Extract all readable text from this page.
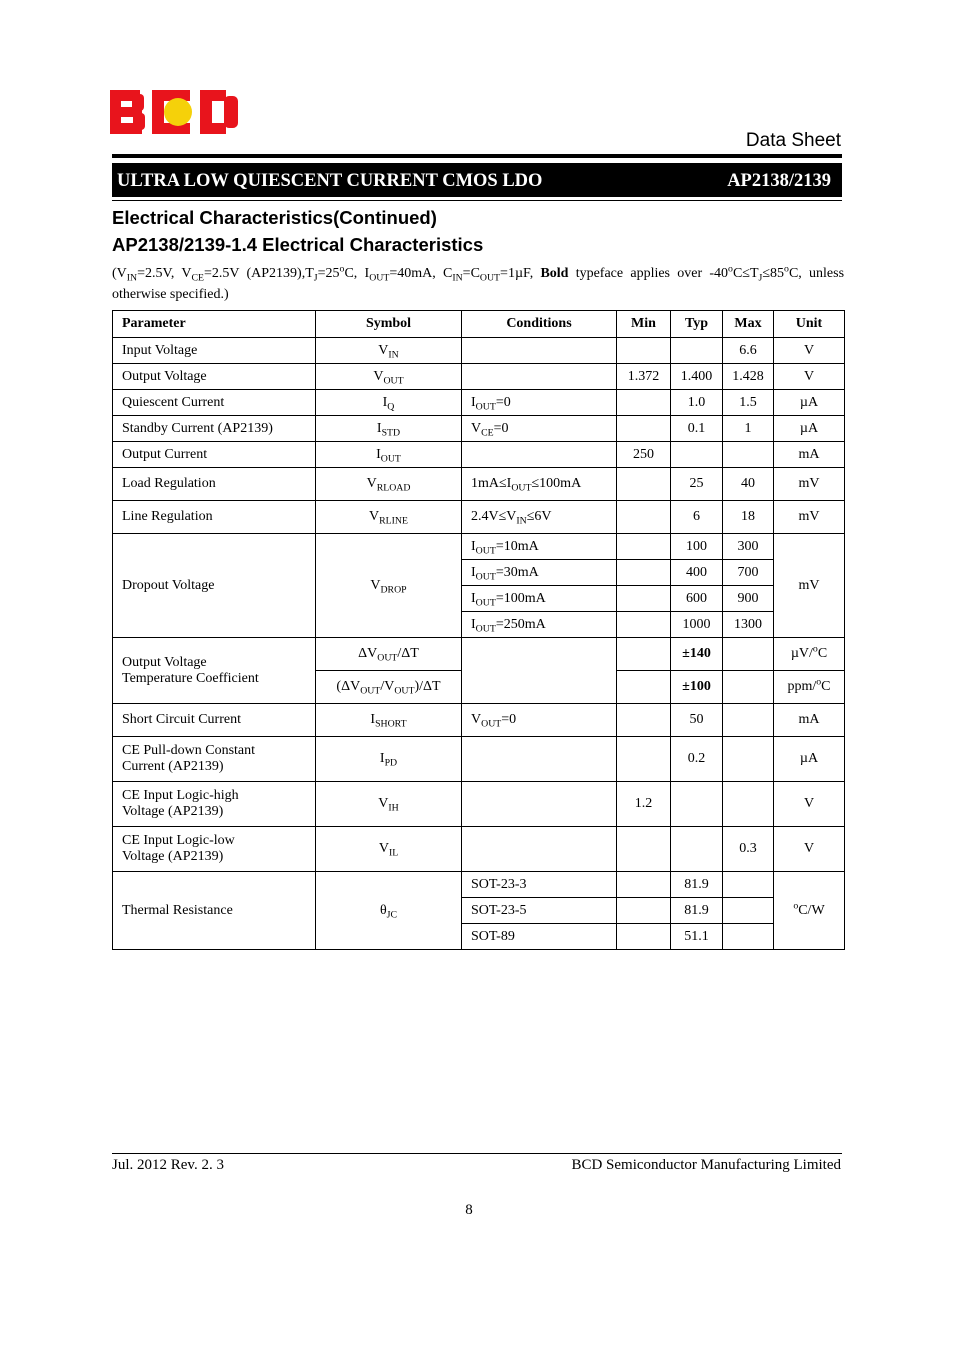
Data Sheet
ULTRA LOW QUIESCENT CURRENT CMOS LDO	AP2138/2139
Electrical Characteristics(Continued)
AP2138/2139-1.4 Electrical Characteristics
($V_{IN}=2.5V$, $V_{CE}=2.5V$ $(AP2139),T_J=25^oC$, $I_{OUT}=40mA$, $C_{IN}=C_{OUT}=1\mu F$, Bold typeface applies over $-40^oC\le T_J\le 85^oC$, unless otherwise specified.)
Parameter	Symbol	Conditions	Min	Typ	Max	Unit
Input Voltage	$V_{IN}$				6.6	V
Output Voltage	$V_{OUT}$		1.372	1.400	1.428	V
Quiescent Current	$I_Q$	$I_{OUT}=0$		1.0	1.5	µA
Standby Current (AP2139)	$I_{STD}$	$V_{CE}=0$		0.1	1	µA
Output Current	$I_{OUT}$		250			mA
Load Regulation	$V_{RLOAD}$	$1mA\le I_{OUT}\le 100mA$		25	40	mV
Line Regulation	$V_{RLINE}$	$2.4V\le V_{IN}\le 6V$		6	18	mV
Dropout Voltage	$V_{DROP}$	$I_{OUT}=10mA$		100	300	mV
		$I_{OUT}=30mA$		400	700	
		$I_{OUT}=100mA$		600	900	
		$I_{OUT}=250mA$		1000	1300	
Output Voltage
Temperature Coefficient	$\Delta V_{OUT}/\Delta T$			±140		µV/$^o$C
	$(\Delta V_{OUT}/V_{OUT})/\Delta T$			±100		ppm/$^o$C
Short Circuit Current	$I_{SHORT}$	$V_{OUT}=0$		50		mA
CE Pull-down Constant
Current (AP2139)	$I_{PD}$			0.2		µA
CE Input Logic-high
Voltage (AP2139)	$V_{IH}$		1.2			V
CE Input Logic-low
Voltage (AP2139)	$V_{IL}$				0.3	V
Thermal Resistance	$\theta_{JC}$	SOT-23-3		81.9		$^o$C/W
		SOT-23-5		81.9		
		SOT-89		51.1		
Jul. 2012 Rev. 2. 3	BCD Semiconductor Manufacturing Limited
8
